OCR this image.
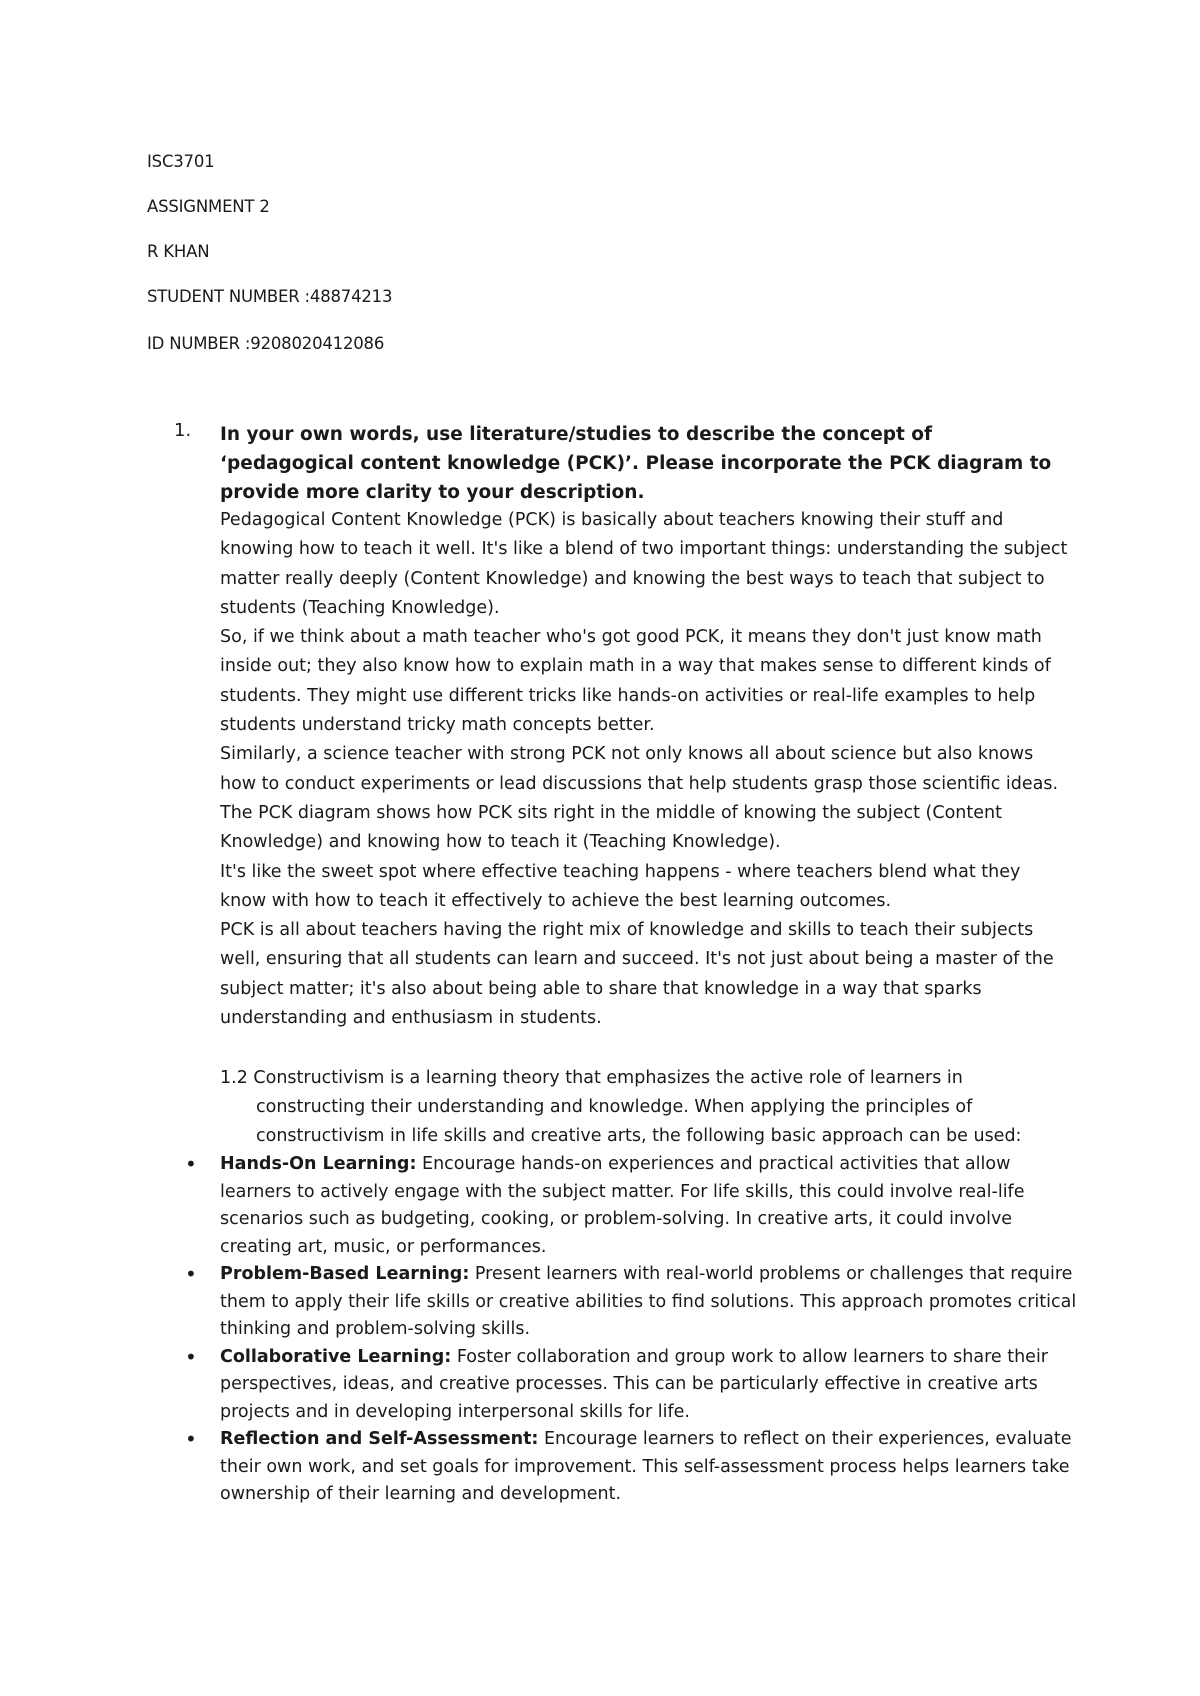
ISC3701
ASSIGNMENT 2
R KHAN
STUDENT NUMBER :48874213
ID NUMBER :9208020412086
1. In your own words, use literature/studies to describe the concept of ‘pedagogical content knowledge (PCK)’. Please incorporate the PCK diagram to provide more clarity to your description.

Pedagogical Content Knowledge (PCK) is basically about teachers knowing their stuff and knowing how to teach it well. It's like a blend of two important things: understanding the subject matter really deeply (Content Knowledge) and knowing the best ways to teach that subject to students (Teaching Knowledge).

So, if we think about a math teacher who's got good PCK, it means they don't just know math inside out; they also know how to explain math in a way that makes sense to different kinds of students. They might use different tricks like hands-on activities or real-life examples to help students understand tricky math concepts better.

Similarly, a science teacher with strong PCK not only knows all about science but also knows how to conduct experiments or lead discussions that help students grasp those scientific ideas. The PCK diagram shows how PCK sits right in the middle of knowing the subject (Content Knowledge) and knowing how to teach it (Teaching Knowledge).

It's like the sweet spot where effective teaching happens - where teachers blend what they know with how to teach it effectively to achieve the best learning outcomes.

PCK is all about teachers having the right mix of knowledge and skills to teach their subjects well, ensuring that all students can learn and succeed. It's not just about being a master of the subject matter; it's also about being able to share that knowledge in a way that sparks understanding and enthusiasm in students.

1.2 Constructivism is a learning theory that emphasizes the active role of learners in
constructing their understanding and knowledge. When applying the principles of constructivism in life skills and creative arts, the following basic approach can be used:
• Hands-On Learning: Encourage hands-on experiences and practical activities that allow learners to actively engage with the subject matter. For life skills, this could involve real-life scenarios such as budgeting, cooking, or problem-solving. In creative arts, it could involve creating art, music, or performances.
• Problem-Based Learning: Present learners with real-world problems or challenges that require them to apply their life skills or creative abilities to find solutions. This approach promotes critical thinking and problem-solving skills.
• Collaborative Learning: Foster collaboration and group work to allow learners to share their perspectives, ideas, and creative processes. This can be particularly effective in creative arts projects and in developing interpersonal skills for life.
• Reflection and Self-Assessment: Encourage learners to reflect on their experiences, evaluate their own work, and set goals for improvement. This self-assessment process helps learners take ownership of their learning and development.
